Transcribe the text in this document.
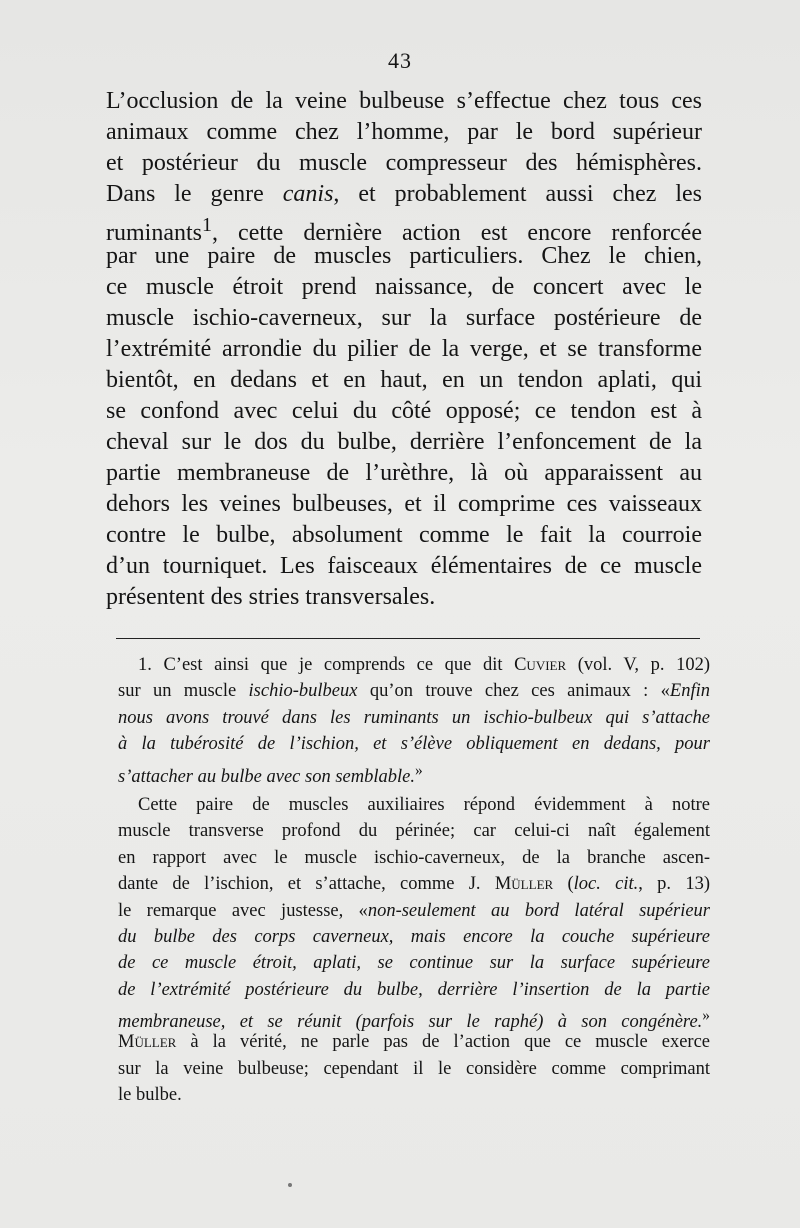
43
L’occlusion de la veine bulbeuse s’effectue chez tous ces
animaux comme chez l’homme, par le bord supérieur
et postérieur du muscle compresseur des hémisphères.
Dans le genre canis, et probablement aussi chez les
ruminants$^1$, cette dernière action est encore renforcée
par une paire de muscles particuliers. Chez le chien,
ce muscle étroit prend naissance, de concert avec le
muscle ischio-caverneux, sur la surface postérieure de
l’extrémité arrondie du pilier de la verge, et se transforme
bientôt, en dedans et en haut, en un tendon aplati, qui
se confond avec celui du côté opposé; ce tendon est à
cheval sur le dos du bulbe, derrière l’enfoncement de la
partie membraneuse de l’urèthre, là où apparaissent au
dehors les veines bulbeuses, et il comprime ces vaisseaux
contre le bulbe, absolument comme le fait la courroie
d’un tourniquet. Les faisceaux élémentaires de ce muscle
présentent des stries transversales.
1. C’est ainsi que je comprends ce que dit Cuvier (vol. V, p. 102)
sur un muscle ischio-bulbeux qu’on trouve chez ces animaux : «Enfin
nous avons trouvé dans les ruminants un ischio-bulbeux qui s’attache
à la tubérosité de l’ischion, et s’élève obliquement en dedans, pour
s’attacher au bulbe avec son semblable.»
Cette paire de muscles auxiliaires répond évidemment à notre
muscle transverse profond du périnée; car celui-ci naît également
en rapport avec le muscle ischio-caverneux, de la branche ascen-
dante de l’ischion, et s’attache, comme J. Müller (loc. cit., p. 13)
le remarque avec justesse, «non-seulement au bord latéral supérieur
du bulbe des corps caverneux, mais encore la couche supérieure
de ce muscle étroit, aplati, se continue sur la surface supérieure
de l’extrémité postérieure du bulbe, derrière l’insertion de la partie
membraneuse, et se réunit (parfois sur le raphé) à son congénère.»
Müller à la vérité, ne parle pas de l’action que ce muscle exerce
sur la veine bulbeuse; cependant il le considère comme comprimant
le bulbe.
